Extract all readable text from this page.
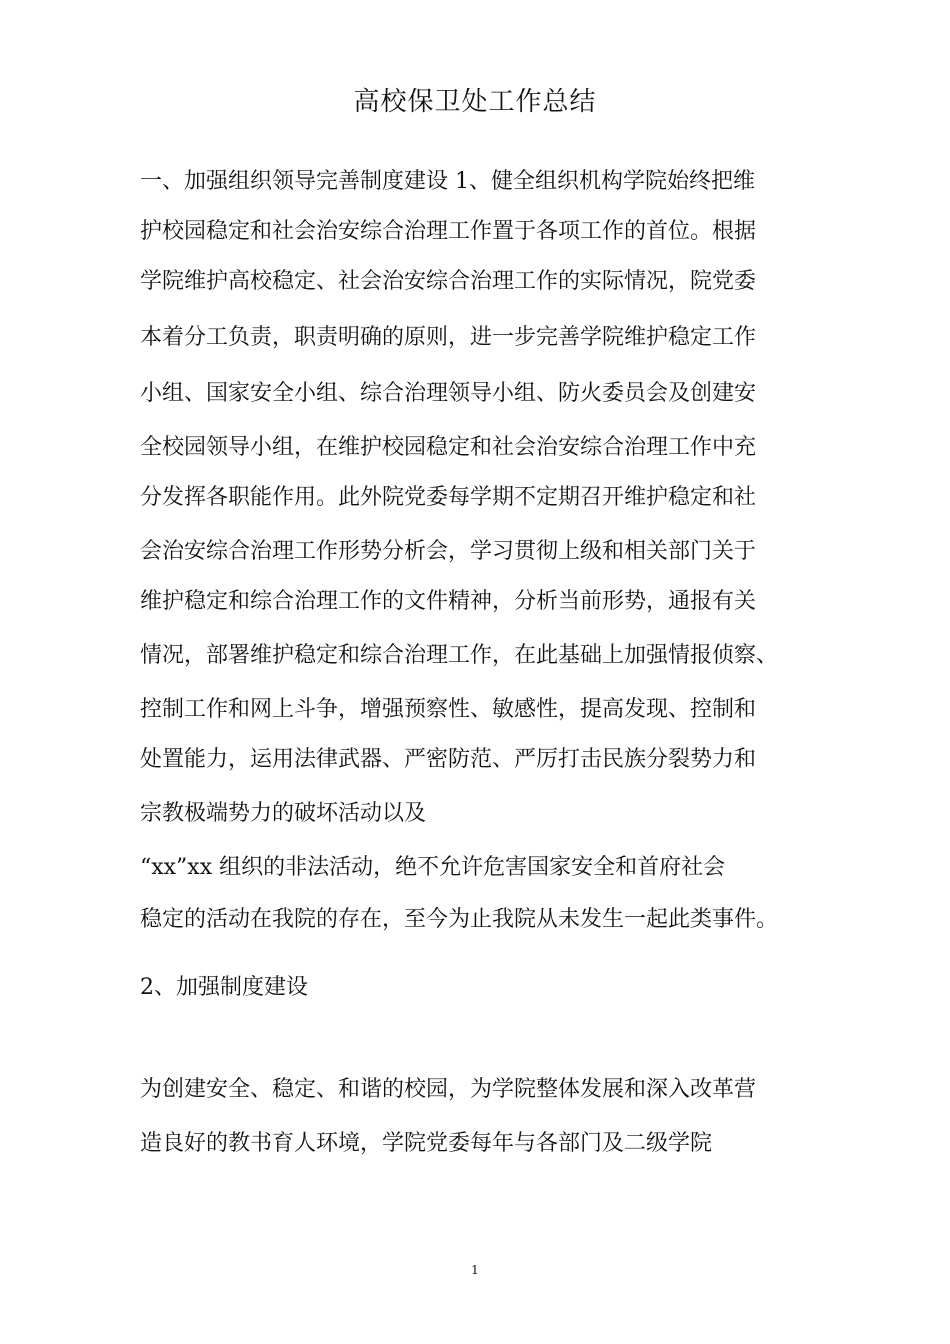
高校保卫处工作总结
一、加强组织领导完善制度建设 1、健全组织机构学院始终把维
护校园稳定和社会治安综合治理工作置于各项工作的首位。根据
学院维护高校稳定、社会治安综合治理工作的实际情况，院党委
本着分工负责，职责明确的原则，进一步完善学院维护稳定工作
小组、国家安全小组、综合治理领导小组、防火委员会及创建安
全校园领导小组，在维护校园稳定和社会治安综合治理工作中充
分发挥各职能作用。此外院党委每学期不定期召开维护稳定和社
会治安综合治理工作形势分析会，学习贯彻上级和相关部门关于
维护稳定和综合治理工作的文件精神，分析当前形势，通报有关
情况，部署维护稳定和综合治理工作，在此基础上加强情报侦察、
控制工作和网上斗争，增强预察性、敏感性，提高发现、控制和
处置能力，运用法律武器、严密防范、严厉打击民族分裂势力和
宗教极端势力的破坏活动以及
“xx”xx 组织的非法活动，绝不允许危害国家安全和首府社会
稳定的活动在我院的存在，至今为止我院从未发生一起此类事件。
2、加强制度建设
为创建安全、稳定、和谐的校园，为学院整体发展和深入改革营
造良好的教书育人环境，学院党委每年与各部门及二级学院
1
